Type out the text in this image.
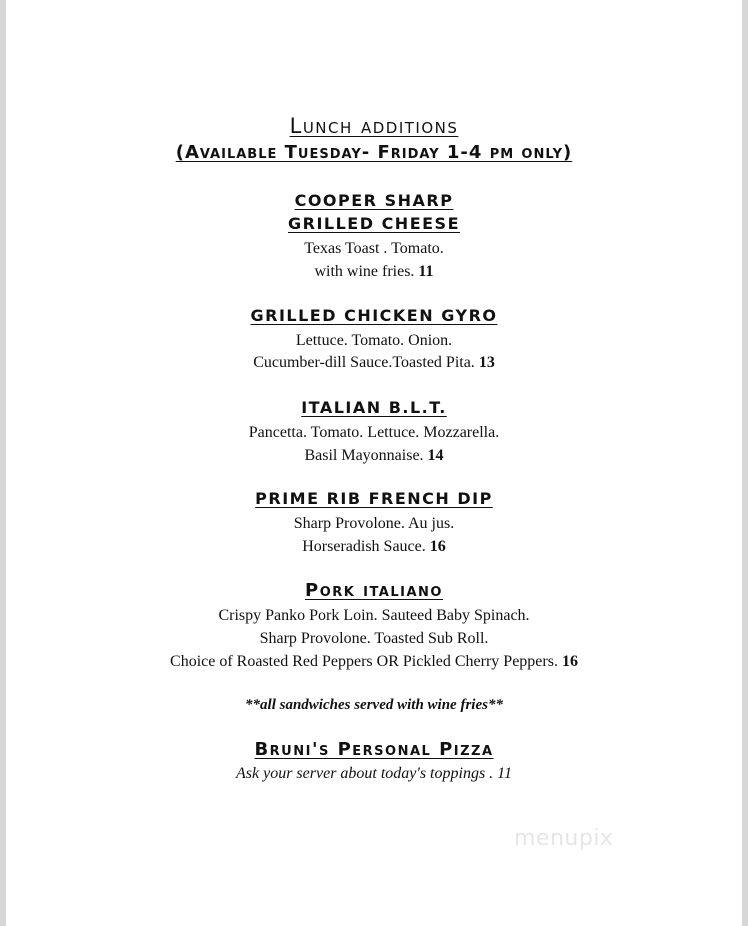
Lunch additions
(Available Tuesday- Friday 1-4 pm only)
COOPER SHARP
GRILLED CHEESE
Texas Toast . Tomato.
with wine fries. 11
GRILLED CHICKEN GYRO
Lettuce. Tomato. Onion.
Cucumber-dill Sauce.Toasted Pita. 13
ITALIAN B.L.T.
Pancetta. Tomato. Lettuce. Mozzarella.
Basil Mayonnaise. 14
PRIME RIB FRENCH DIP
Sharp Provolone. Au jus.
Horseradish Sauce. 16
Pork italiano
Crispy Panko Pork Loin. Sauteed Baby Spinach.
Sharp Provolone. Toasted Sub Roll.
Choice of Roasted Red Peppers OR Pickled Cherry Peppers. 16
**all sandwiches served with wine fries**
Bruni's Personal Pizza
Ask your server about today's toppings . 11
menupix
